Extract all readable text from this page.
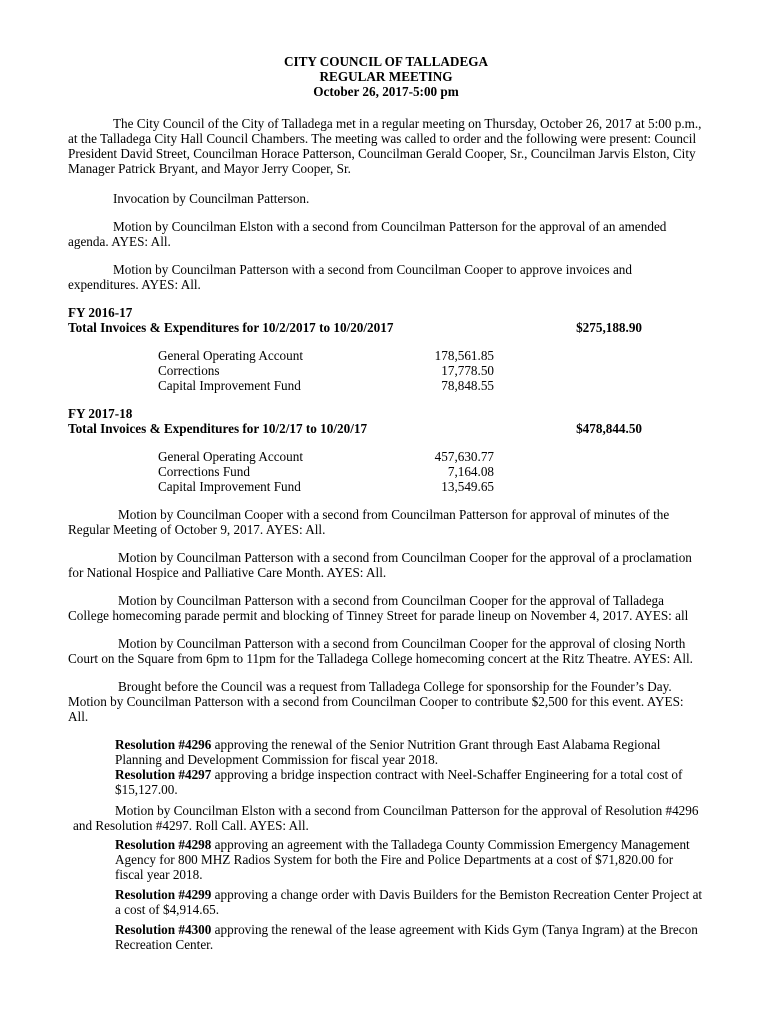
CITY COUNCIL OF TALLADEGA
REGULAR MEETING
October 26, 2017-5:00 pm

The City Council of the City of Talladega met in a regular meeting on Thursday, October 26, 2017 at 5:00 p.m., at the Talladega City Hall Council Chambers. The meeting was called to order and the following were present: Council President David Street, Councilman Horace Patterson, Councilman Gerald Cooper, Sr., Councilman Jarvis Elston, City Manager Patrick Bryant, and Mayor Jerry Cooper, Sr.

Invocation by Councilman Patterson.

Motion by Councilman Elston with a second from Councilman Patterson for the approval of an amended agenda. AYES: All.

Motion by Councilman Patterson with a second from Councilman Cooper to approve invoices and expenditures. AYES: All.

FY 2016-17
Total Invoices & Expenditures for 10/2/2017 to 10/20/2017	$275,188.90
General Operating Account	178,561.85
Corrections	17,778.50
Capital Improvement Fund	78,848.55
FY 2017-18
Total Invoices & Expenditures for 10/2/17 to 10/20/17	$478,844.50
General Operating Account	457,630.77
Corrections Fund	7,164.08
Capital Improvement Fund	13,549.65

Motion by Councilman Cooper with a second from Councilman Patterson for approval of minutes of the Regular Meeting of October 9, 2017. AYES: All.

Motion by Councilman Patterson with a second from Councilman Cooper for the approval of a proclamation for National Hospice and Palliative Care Month. AYES: All.

Motion by Councilman Patterson with a second from Councilman Cooper for the approval of Talladega College homecoming parade permit and blocking of Tinney Street for parade lineup on November 4, 2017. AYES: all

Motion by Councilman Patterson with a second from Councilman Cooper for the approval of closing North Court on the Square from 6pm to 11pm for the Talladega College homecoming concert at the Ritz Theatre. AYES: All.

Brought before the Council was a request from Talladega College for sponsorship for the Founder’s Day. Motion by Councilman Patterson with a second from Councilman Cooper to contribute $2,500 for this event. AYES: All.

Resolution #4296 approving the renewal of the Senior Nutrition Grant through East Alabama Regional Planning and Development Commission for fiscal year 2018.

Resolution #4297 approving a bridge inspection contract with Neel-Schaffer Engineering for a total cost of $15,127.00.

Motion by Councilman Elston with a second from Councilman Patterson for the approval of Resolution #4296 and Resolution #4297. Roll Call. AYES: All.

Resolution #4298 approving an agreement with the Talladega County Commission Emergency Management Agency for 800 MHZ Radios System for both the Fire and Police Departments at a cost of $71,820.00 for fiscal year 2018.

Resolution #4299 approving a change order with Davis Builders for the Bemiston Recreation Center Project at a cost of $4,914.65.

Resolution #4300 approving the renewal of the lease agreement with Kids Gym (Tanya Ingram) at the Brecon Recreation Center.
